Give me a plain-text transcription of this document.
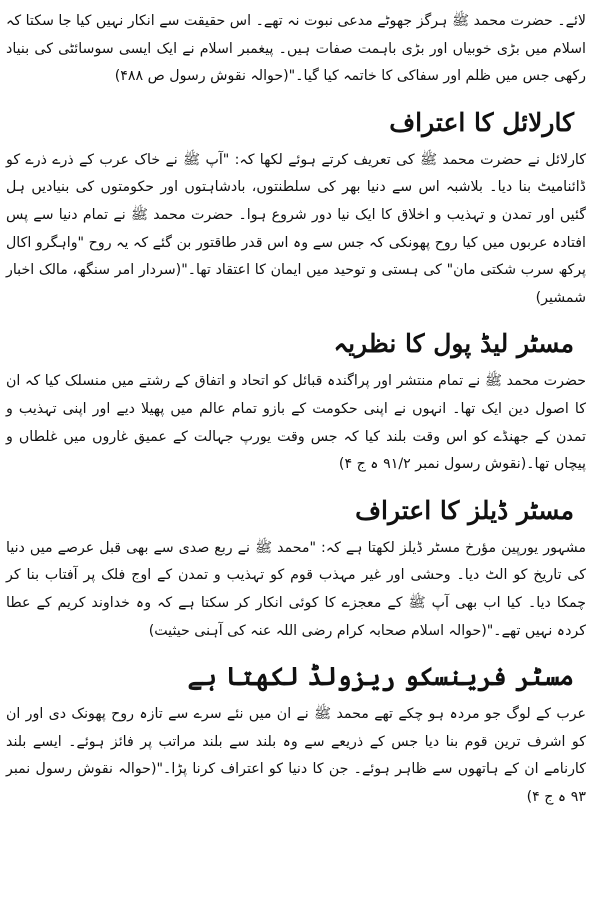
لائے۔ حضرت محمد ﷺ ہرگز جھوٹے مدعی نبوت نہ تھے۔ اس حقیقت سے انکار نہیں کیا جا سکتا کہ اسلام میں بڑی خوبیاں اور بڑی باہمت صفات ہیں۔ پیغمبر اسلام نے ایک ایسی سوسائٹی کی بنیاد رکھی جس میں ظلم اور سفاکی کا خاتمہ کیا گیا۔"(حوالہ نقوش رسول ص ۴۸۸)

کارلائل کا اعتراف

کارلائل نے حضرت محمد ﷺ کی تعریف کرتے ہوئے لکھا کہ: "آپ ﷺ نے خاک عرب کے ذرے ذرے کو ڈائنامیٹ بنا دیا۔ بلاشبہ اس سے دنیا بھر کی سلطنتوں، بادشاہتوں اور حکومتوں کی بنیادیں ہل گئیں اور تمدن و تہذیب و اخلاق کا ایک نیا دور شروع ہوا۔ حضرت محمد ﷺ نے تمام دنیا سے پس افتادہ عربوں میں کیا روح پھونکی کہ جس سے وہ اس قدر طاقتور بن گئے کہ یہ روح "واہگرو اکال پرکھ سرب شکتی مان" کی ہستی و توحید میں ایمان کا اعتقاد تھا۔"(سردار امر سنگھ، مالک اخبار شمشیر)

مسٹر لیڈ پول کا نظریہ

حضرت محمد ﷺ نے تمام منتشر اور پراگندہ قبائل کو اتحاد و اتفاق کے رشتے میں منسلک کیا کہ ان کا اصول دین ایک تھا۔ انہوں نے اپنی حکومت کے بازو تمام عالم میں پھیلا دیے اور اپنی تہذیب و تمدن کے جھنڈے کو اس وقت بلند کیا کہ جس وقت یورپ جہالت کے عمیق غاروں میں غلطاں و پیچاں تھا۔(نقوش رسول نمبر ۹۱/۲ ہ ج ۴)

مسٹر ڈیلز کا اعتراف

مشہور یورپین مؤرخ مسٹر ڈیلز لکھتا ہے کہ: "محمد ﷺ نے ربع صدی سے بھی قبل عرصے میں دنیا کی تاریخ کو الٹ دیا۔ وحشی اور غیر مہذب قوم کو تہذیب و تمدن کے اوج فلک پر آفتاب بنا کر چمکا دیا۔ کیا اب بھی آپ ﷺ کے معجزے کا کوئی انکار کر سکتا ہے کہ وہ خداوند کریم کے عطا کردہ نہیں تھے۔"(حوالہ اسلام صحابہ کرام رضی اللہ عنہ کی آہنی حیثیت)

مسٹر فرینسکو ریزولڈ لکھتا ہے

عرب کے لوگ جو مردہ ہو چکے تھے محمد ﷺ نے ان میں نئے سرے سے تازہ روح پھونک دی اور ان کو اشرف ترین قوم بنا دیا جس کے ذریعے سے وہ بلند سے بلند مراتب پر فائز ہوئے۔ ایسے بلند کارنامے ان کے ہاتھوں سے ظاہر ہوئے۔ جن کا دنیا کو اعتراف کرنا پڑا۔"(حوالہ نقوش رسول نمبر ۹۳ ہ ج ۴)
